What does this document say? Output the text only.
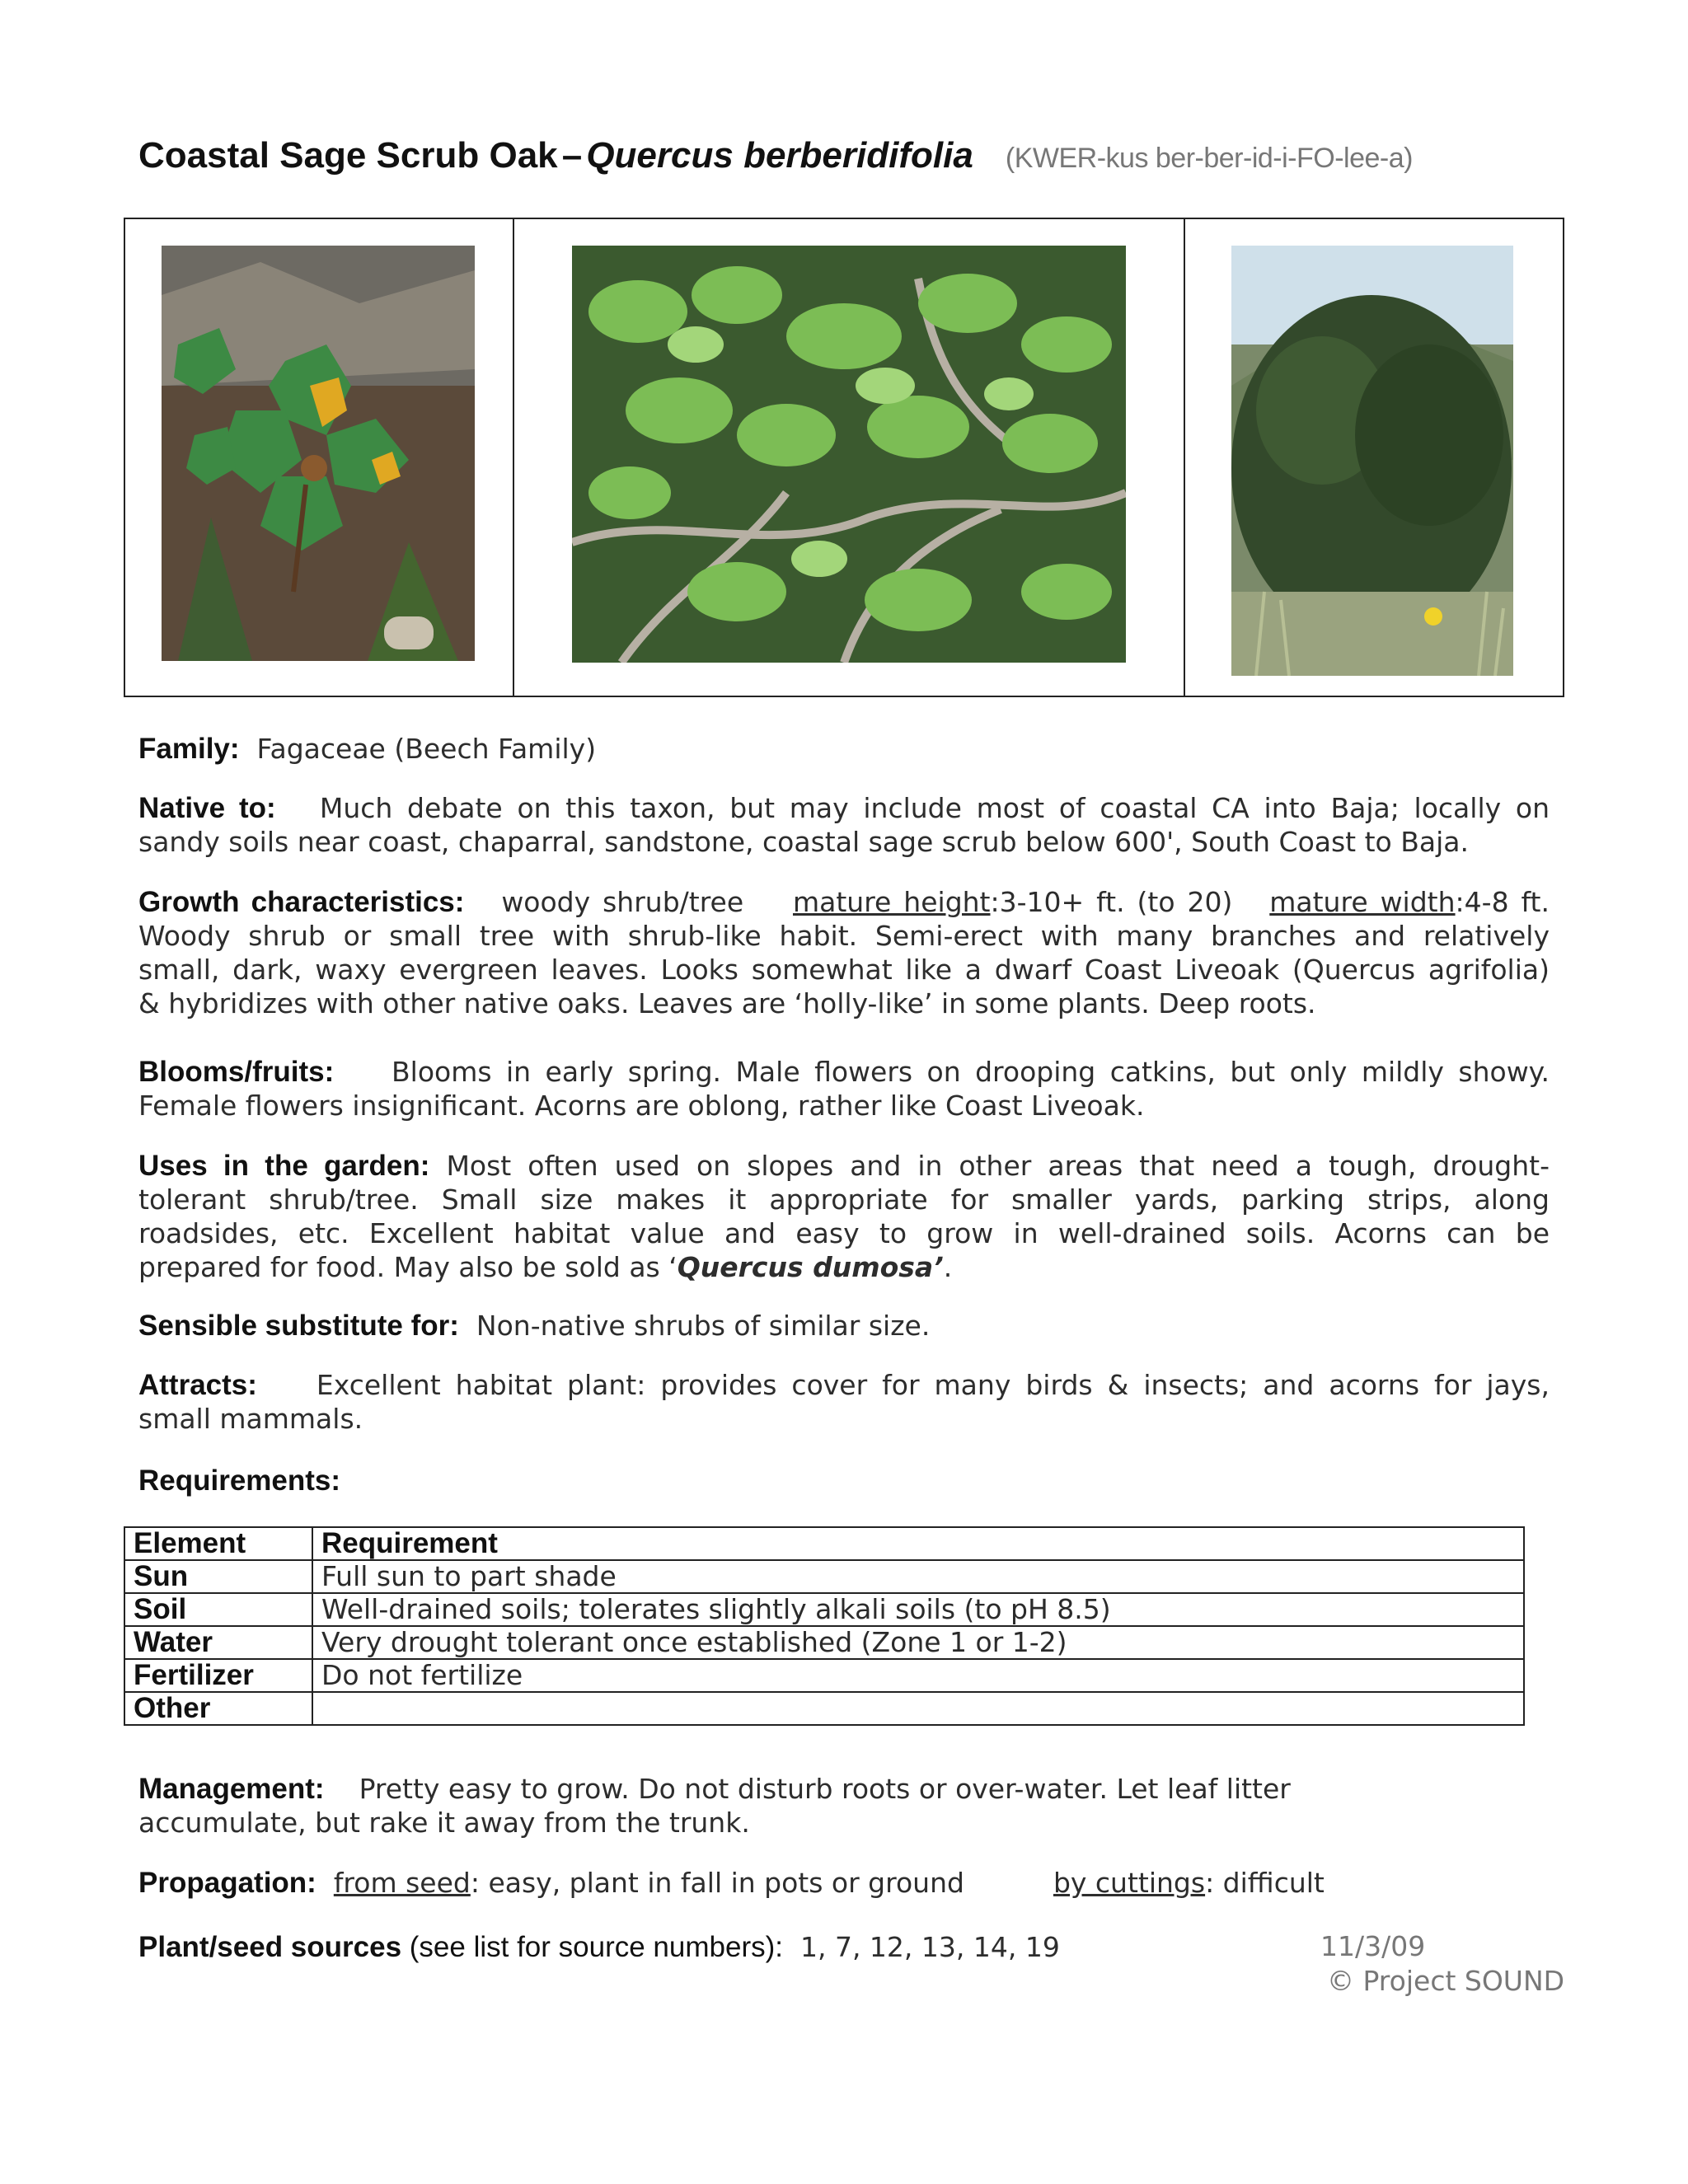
Coastal Sage Scrub Oak – Quercus berberidifolia (KWER-kus ber-ber-id-i-FO-lee-a)
Family: Fagaceae (Beech Family)
Native to: Much debate on this taxon, but may include most of coastal CA into Baja; locally on
sandy soils near coast, chaparral, sandstone, coastal sage scrub below 600', South Coast to Baja.
Growth characteristics: woody shrub/tree mature height:3-10+ ft. (to 20) mature width:4-8 ft.
Woody shrub or small tree with shrub-like habit. Semi-erect with many branches and relatively
small, dark, waxy evergreen leaves. Looks somewhat like a dwarf Coast Liveoak (Quercus agrifolia)
& hybridizes with other native oaks. Leaves are ‘holly-like’ in some plants. Deep roots.
Blooms/fruits: Blooms in early spring. Male flowers on drooping catkins, but only mildly showy.
Female flowers insignificant. Acorns are oblong, rather like Coast Liveoak.
Uses in the garden: Most often used on slopes and in other areas that need a tough, drought-
tolerant shrub/tree. Small size makes it appropriate for smaller yards, parking strips, along
roadsides, etc. Excellent habitat value and easy to grow in well-drained soils. Acorns can be
prepared for food. May also be sold as ‘Quercus dumosa’.
Sensible substitute for: Non-native shrubs of similar size.
Attracts: Excellent habitat plant: provides cover for many birds & insects; and acorns for jays,
small mammals.
Requirements:
Element	Requirement
Sun	Full sun to part shade
Soil	Well-drained soils; tolerates slightly alkali soils (to pH 8.5)
Water	Very drought tolerant once established (Zone 1 or 1-2)
Fertilizer	Do not fertilize
Other	
Management: Pretty easy to grow. Do not disturb roots or over-water. Let leaf litter
accumulate, but rake it away from the trunk.
Propagation: from seed: easy, plant in fall in pots or ground	by cuttings: difficult
Plant/seed sources (see list for source numbers): 1, 7, 12, 13, 14, 19	11/3/09
© Project SOUND
